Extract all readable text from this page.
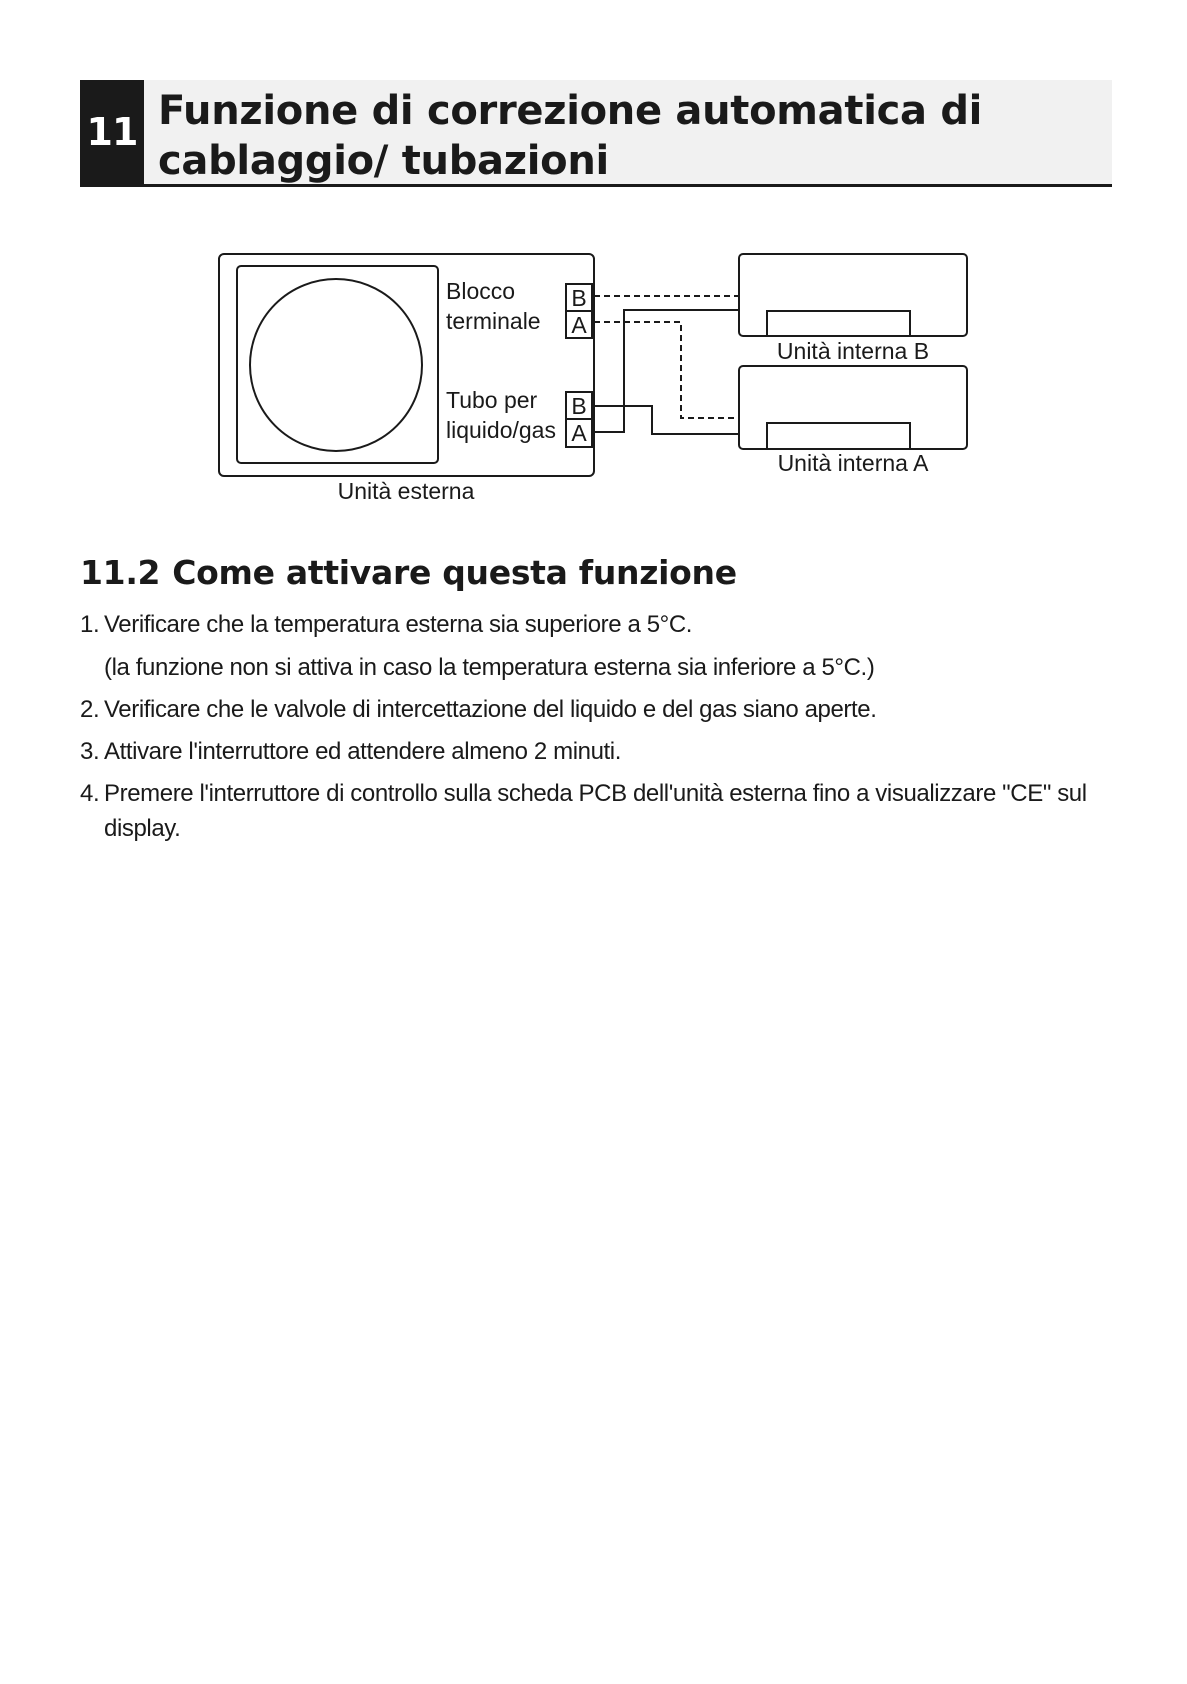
11 Funzione di correzione automatica di cablaggio/ tubazioni
Blocco
terminale
Tubo per
liquido/gas
B
A
B
A
Unità esterna
Unità interna B
Unità interna A
11.2 Come attivare questa funzione
1. Verificare che la temperatura esterna sia superiore a 5°C.
(la funzione non si attiva in caso la temperatura esterna sia inferiore a 5°C.)
2. Verificare che le valvole di intercettazione del liquido e del gas siano aperte.
3. Attivare l'interruttore ed attendere almeno 2 minuti.
4. Premere l'interruttore di controllo sulla scheda PCB dell'unità esterna fino a visualizzare "CE" sul display.
